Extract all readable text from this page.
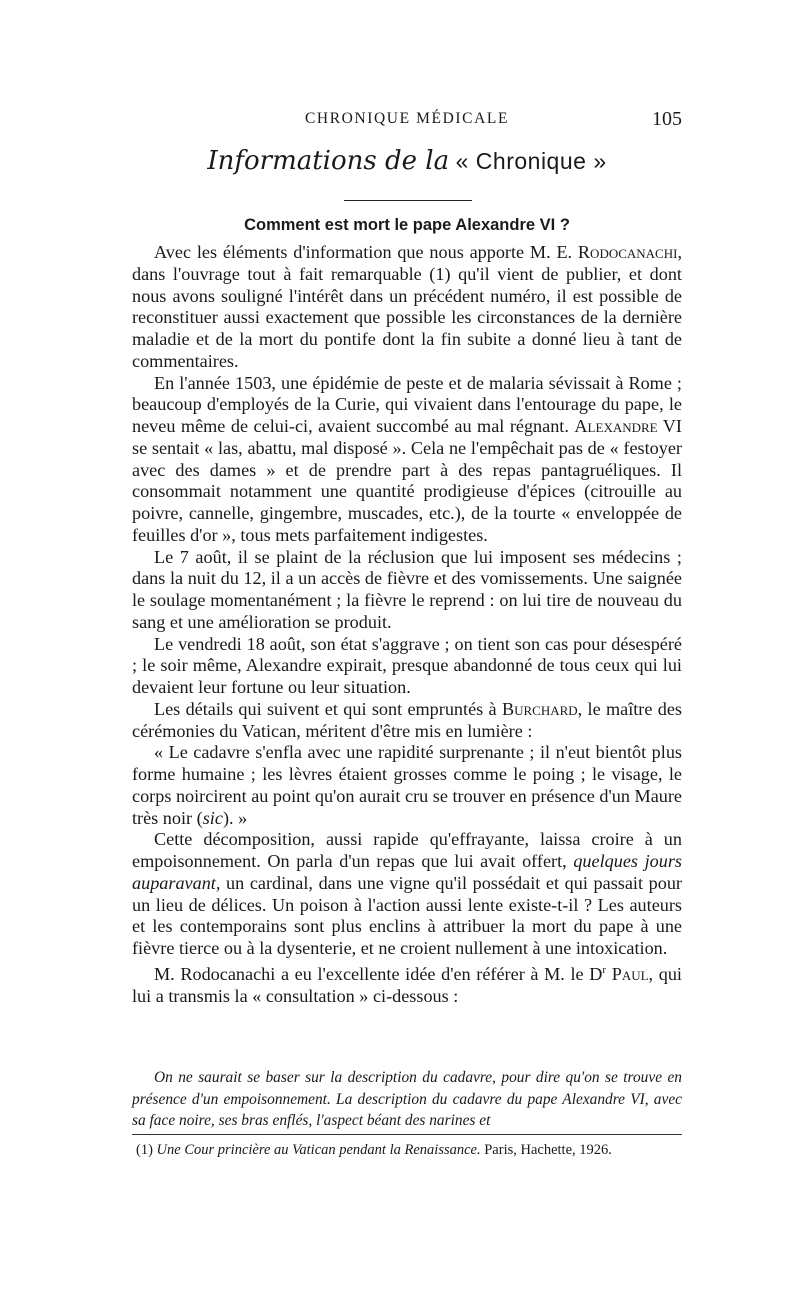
CHRONIQUE MÉDICALE	105
Informations de la « Chronique »
Comment est mort le pape Alexandre VI ?

Avec les éléments d'information que nous apporte M. E. Rodocanachi, dans l'ouvrage tout à fait remarquable (1) qu'il vient de publier, et dont nous avons souligné l'intérêt dans un précédent numéro, il est possible de reconstituer aussi exactement que possible les circonstances de la dernière maladie et de la mort du pontife dont la fin subite a donné lieu à tant de commentaires.

En l'année 1503, une épidémie de peste et de malaria sévissait à Rome ; beaucoup d'employés de la Curie, qui vivaient dans l'entourage du pape, le neveu même de celui-ci, avaient succombé au mal régnant. Alexandre VI se sentait « las, abattu, mal disposé ». Cela ne l'empêchait pas de « festoyer avec des dames » et de prendre part à des repas pantagruéliques. Il consommait notamment une quantité prodigieuse d'épices (citrouille au poivre, cannelle, gingembre, muscades, etc.), de la tourte « enveloppée de feuilles d'or », tous mets parfaitement indigestes.

Le 7 août, il se plaint de la réclusion que lui imposent ses médecins ; dans la nuit du 12, il a un accès de fièvre et des vomissements. Une saignée le soulage momentanément ; la fièvre le reprend : on lui tire de nouveau du sang et une amélioration se produit.

Le vendredi 18 août, son état s'aggrave ; on tient son cas pour désespéré ; le soir même, Alexandre expirait, presque abandonné de tous ceux qui lui devaient leur fortune ou leur situation.

Les détails qui suivent et qui sont empruntés à Burchard, le maître des cérémonies du Vatican, méritent d'être mis en lumière :

« Le cadavre s'enfla avec une rapidité surprenante ; il n'eut bientôt plus forme humaine ; les lèvres étaient grosses comme le poing ; le visage, le corps noircirent au point qu'on aurait cru se trouver en présence d'un Maure très noir (sic). »

Cette décomposition, aussi rapide qu'effrayante, laissa croire à un empoisonnement. On parla d'un repas que lui avait offert, quelques jours auparavant, un cardinal, dans une vigne qu'il possédait et qui passait pour un lieu de délices. Un poison à l'action aussi lente existe-t-il ? Les auteurs et les contemporains sont plus enclins à attribuer la mort du pape à une fièvre tierce ou à la dysenterie, et ne croient nullement à une intoxication.

M. Rodocanachi a eu l'excellente idée d'en référer à M. le $D^r$ Paul, qui lui a transmis la « consultation » ci-dessous :

On ne saurait se baser sur la description du cadavre, pour dire qu'on se trouve en présence d'un empoisonnement. La description du cadavre du pape Alexandre VI, avec sa face noire, ses bras enflés, l'aspect béant des narines et

(1) Une Cour princière au Vatican pendant la Renaissance. Paris, Hachette, 1926.
